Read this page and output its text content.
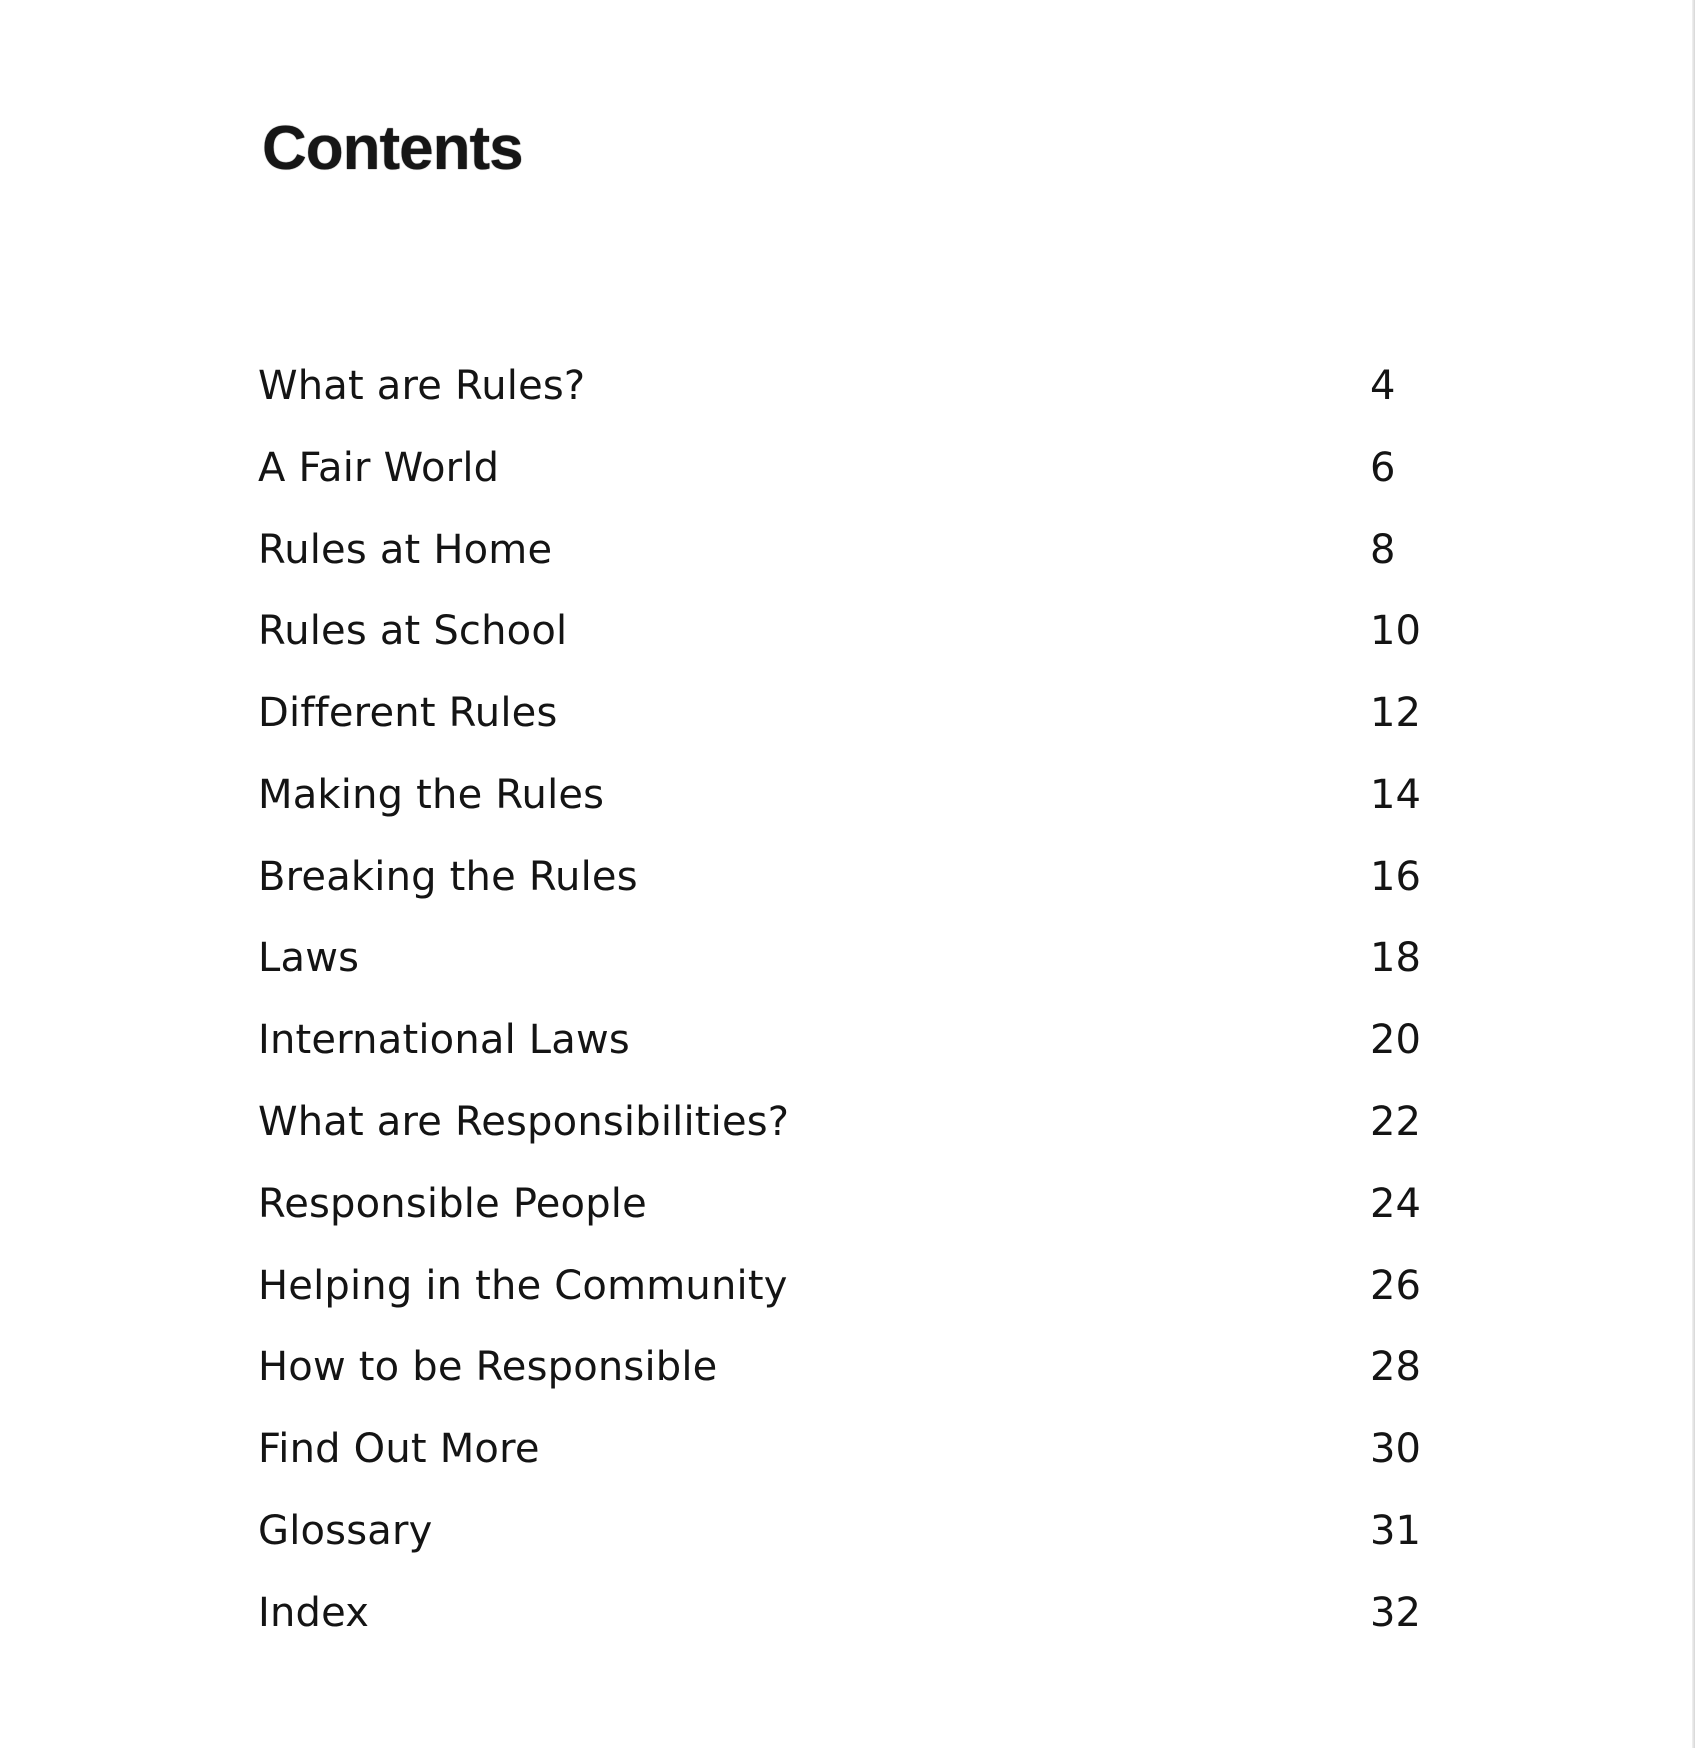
Contents
What are Rules?	4
A Fair World	6
Rules at Home	8
Rules at School	10
Different Rules	12
Making the Rules	14
Breaking the Rules	16
Laws	18
International Laws	20
What are Responsibilities?	22
Responsible People	24
Helping in the Community	26
How to be Responsible	28
Find Out More	30
Glossary	31
Index	32
